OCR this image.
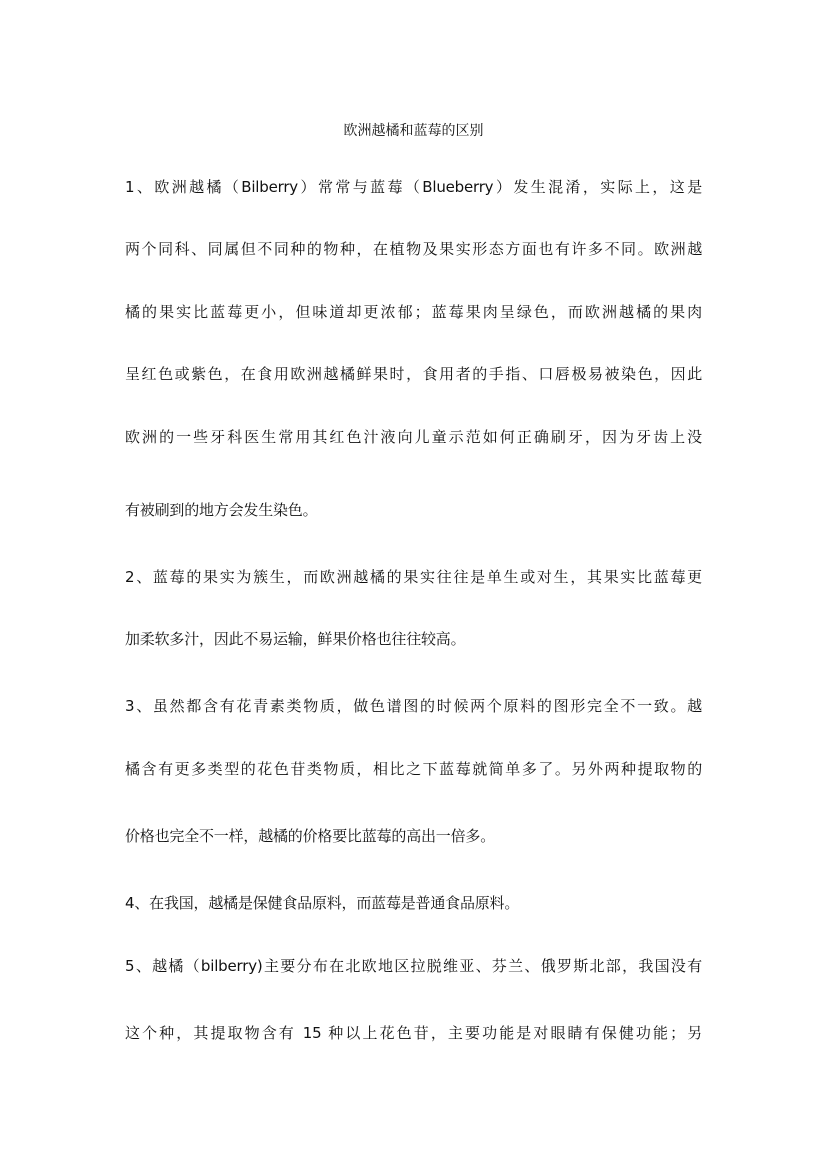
欧洲越橘和蓝莓的区别
1、欧洲越橘（Bilberry）常常与蓝莓（Blueberry）发生混淆，实际上，这是
两个同科、同属但不同种的物种，在植物及果实形态方面也有许多不同。欧洲越
橘的果实比蓝莓更小，但味道却更浓郁；蓝莓果肉呈绿色，而欧洲越橘的果肉
呈红色或紫色，在食用欧洲越橘鲜果时，食用者的手指、口唇极易被染色，因此
欧洲的一些牙科医生常用其红色汁液向儿童示范如何正确刷牙，因为牙齿上没
有被刷到的地方会发生染色。
2、蓝莓的果实为簇生，而欧洲越橘的果实往往是单生或对生，其果实比蓝莓更
加柔软多汁，因此不易运输，鲜果价格也往往较高。
3、虽然都含有花青素类物质，做色谱图的时候两个原料的图形完全不一致。越
橘含有更多类型的花色苷类物质，相比之下蓝莓就简单多了。另外两种提取物的
价格也完全不一样，越橘的价格要比蓝莓的高出一倍多。
4、在我国，越橘是保健食品原料，而蓝莓是普通食品原料。
5、越橘（bilberry)主要分布在北欧地区拉脱维亚、芬兰、俄罗斯北部，我国没有
这个种，其提取物含有 15 种以上花色苷，主要功能是对眼睛有保健功能；另
